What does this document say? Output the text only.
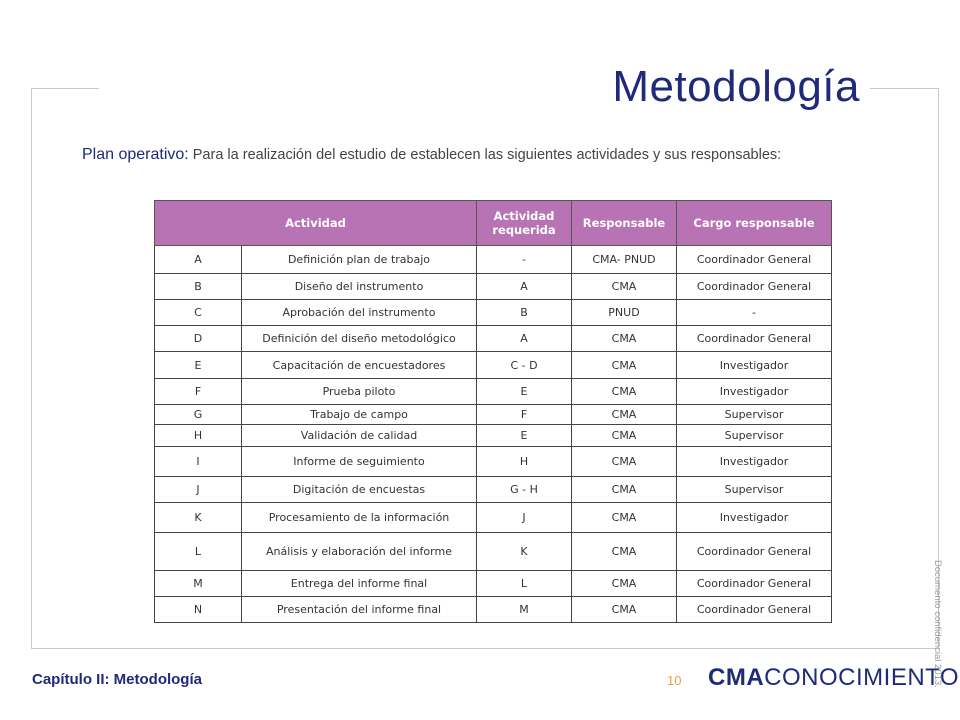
Metodología
Plan operativo: Para la realización del estudio de establecen las siguientes actividades y sus responsables:
Actividad		Actividad requerida	Responsable	Cargo responsable
A	Definición plan de trabajo	-	CMA- PNUD	Coordinador General
B	Diseño del instrumento	A	CMA	Coordinador General
C	Aprobación del instrumento	B	PNUD	-
D	Definición del diseño metodológico	A	CMA	Coordinador General
E	Capacitación de encuestadores	C - D	CMA	Investigador
F	Prueba piloto	E	CMA	Investigador
G	Trabajo de campo	F	CMA	Supervisor
H	Validación de calidad	E	CMA	Supervisor
I	Informe de seguimiento	H	CMA	Investigador
J	Digitación de encuestas	G - H	CMA	Supervisor
K	Procesamiento de la información	J	CMA	Investigador
L	Análisis y elaboración del informe	K	CMA	Coordinador General
M	Entrega del informe final	L	CMA	Coordinador General
N	Presentación del informe final	M	CMA	Coordinador General
Capítulo II: Metodología	10 CMACONOCIMIENTO
Documento confidencial 2013.
